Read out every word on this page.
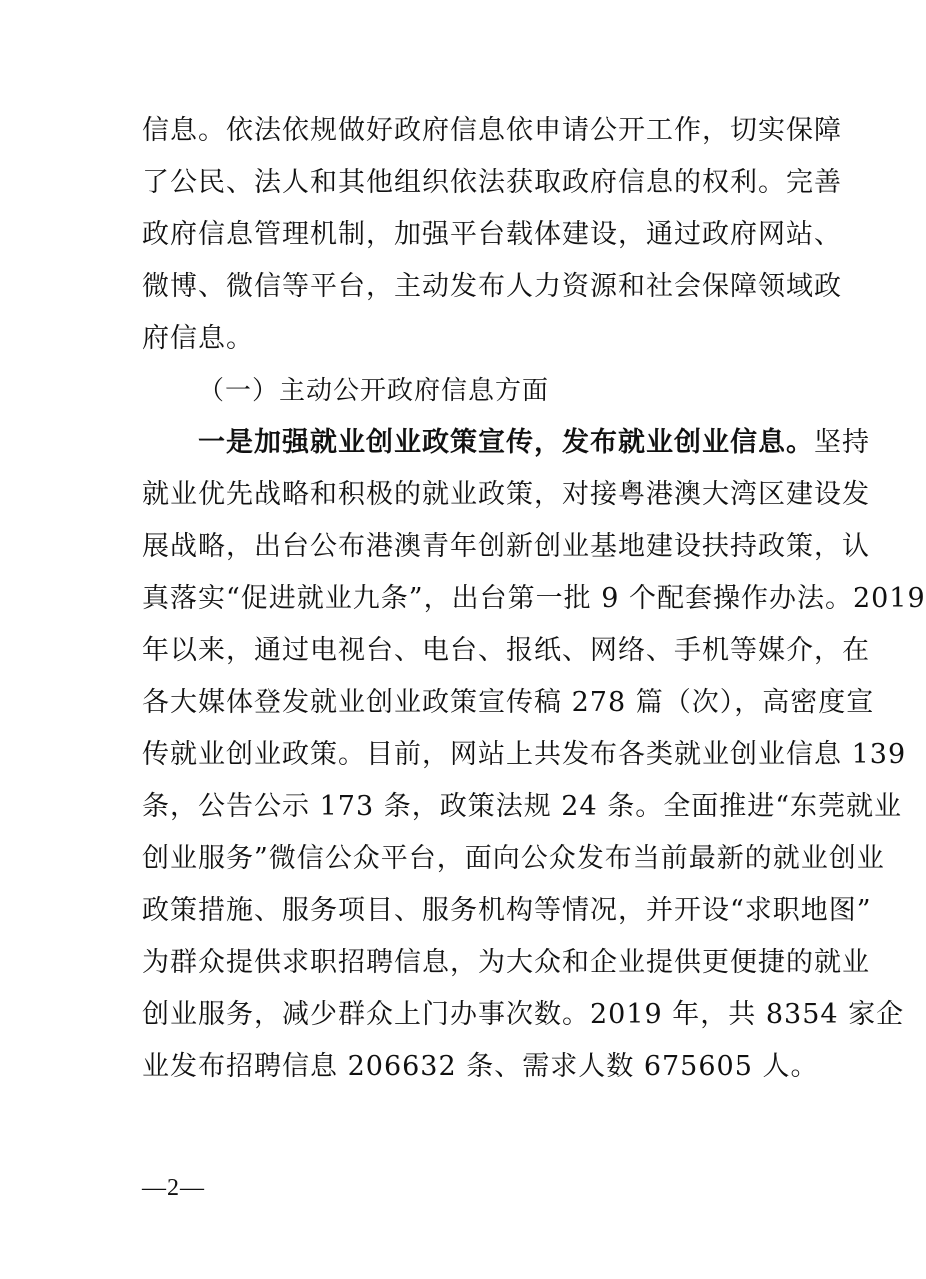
信息。依法依规做好政府信息依申请公开工作，切实保障
了公民、法人和其他组织依法获取政府信息的权利。完善
政府信息管理机制，加强平台载体建设，通过政府网站、
微博、微信等平台，主动发布人力资源和社会保障领域政
府信息。
（一）主动公开政府信息方面
一是加强就业创业政策宣传，发布就业创业信息。坚持
就业优先战略和积极的就业政策，对接粤港澳大湾区建设发
展战略，出台公布港澳青年创新创业基地建设扶持政策，认
真落实“促进就业九条”，出台第一批 9 个配套操作办法。2019
年以来，通过电视台、电台、报纸、网络、手机等媒介，在
各大媒体登发就业创业政策宣传稿 278 篇（次），高密度宣
传就业创业政策。目前，网站上共发布各类就业创业信息 139
条，公告公示 173 条，政策法规 24 条。全面推进“东莞就业
创业服务”微信公众平台，面向公众发布当前最新的就业创业
政策措施、服务项目、服务机构等情况，并开设“求职地图”
为群众提供求职招聘信息，为大众和企业提供更便捷的就业
创业服务，减少群众上门办事次数。2019 年，共 8354 家企
业发布招聘信息 206632 条、需求人数 675605 人。
—2—
